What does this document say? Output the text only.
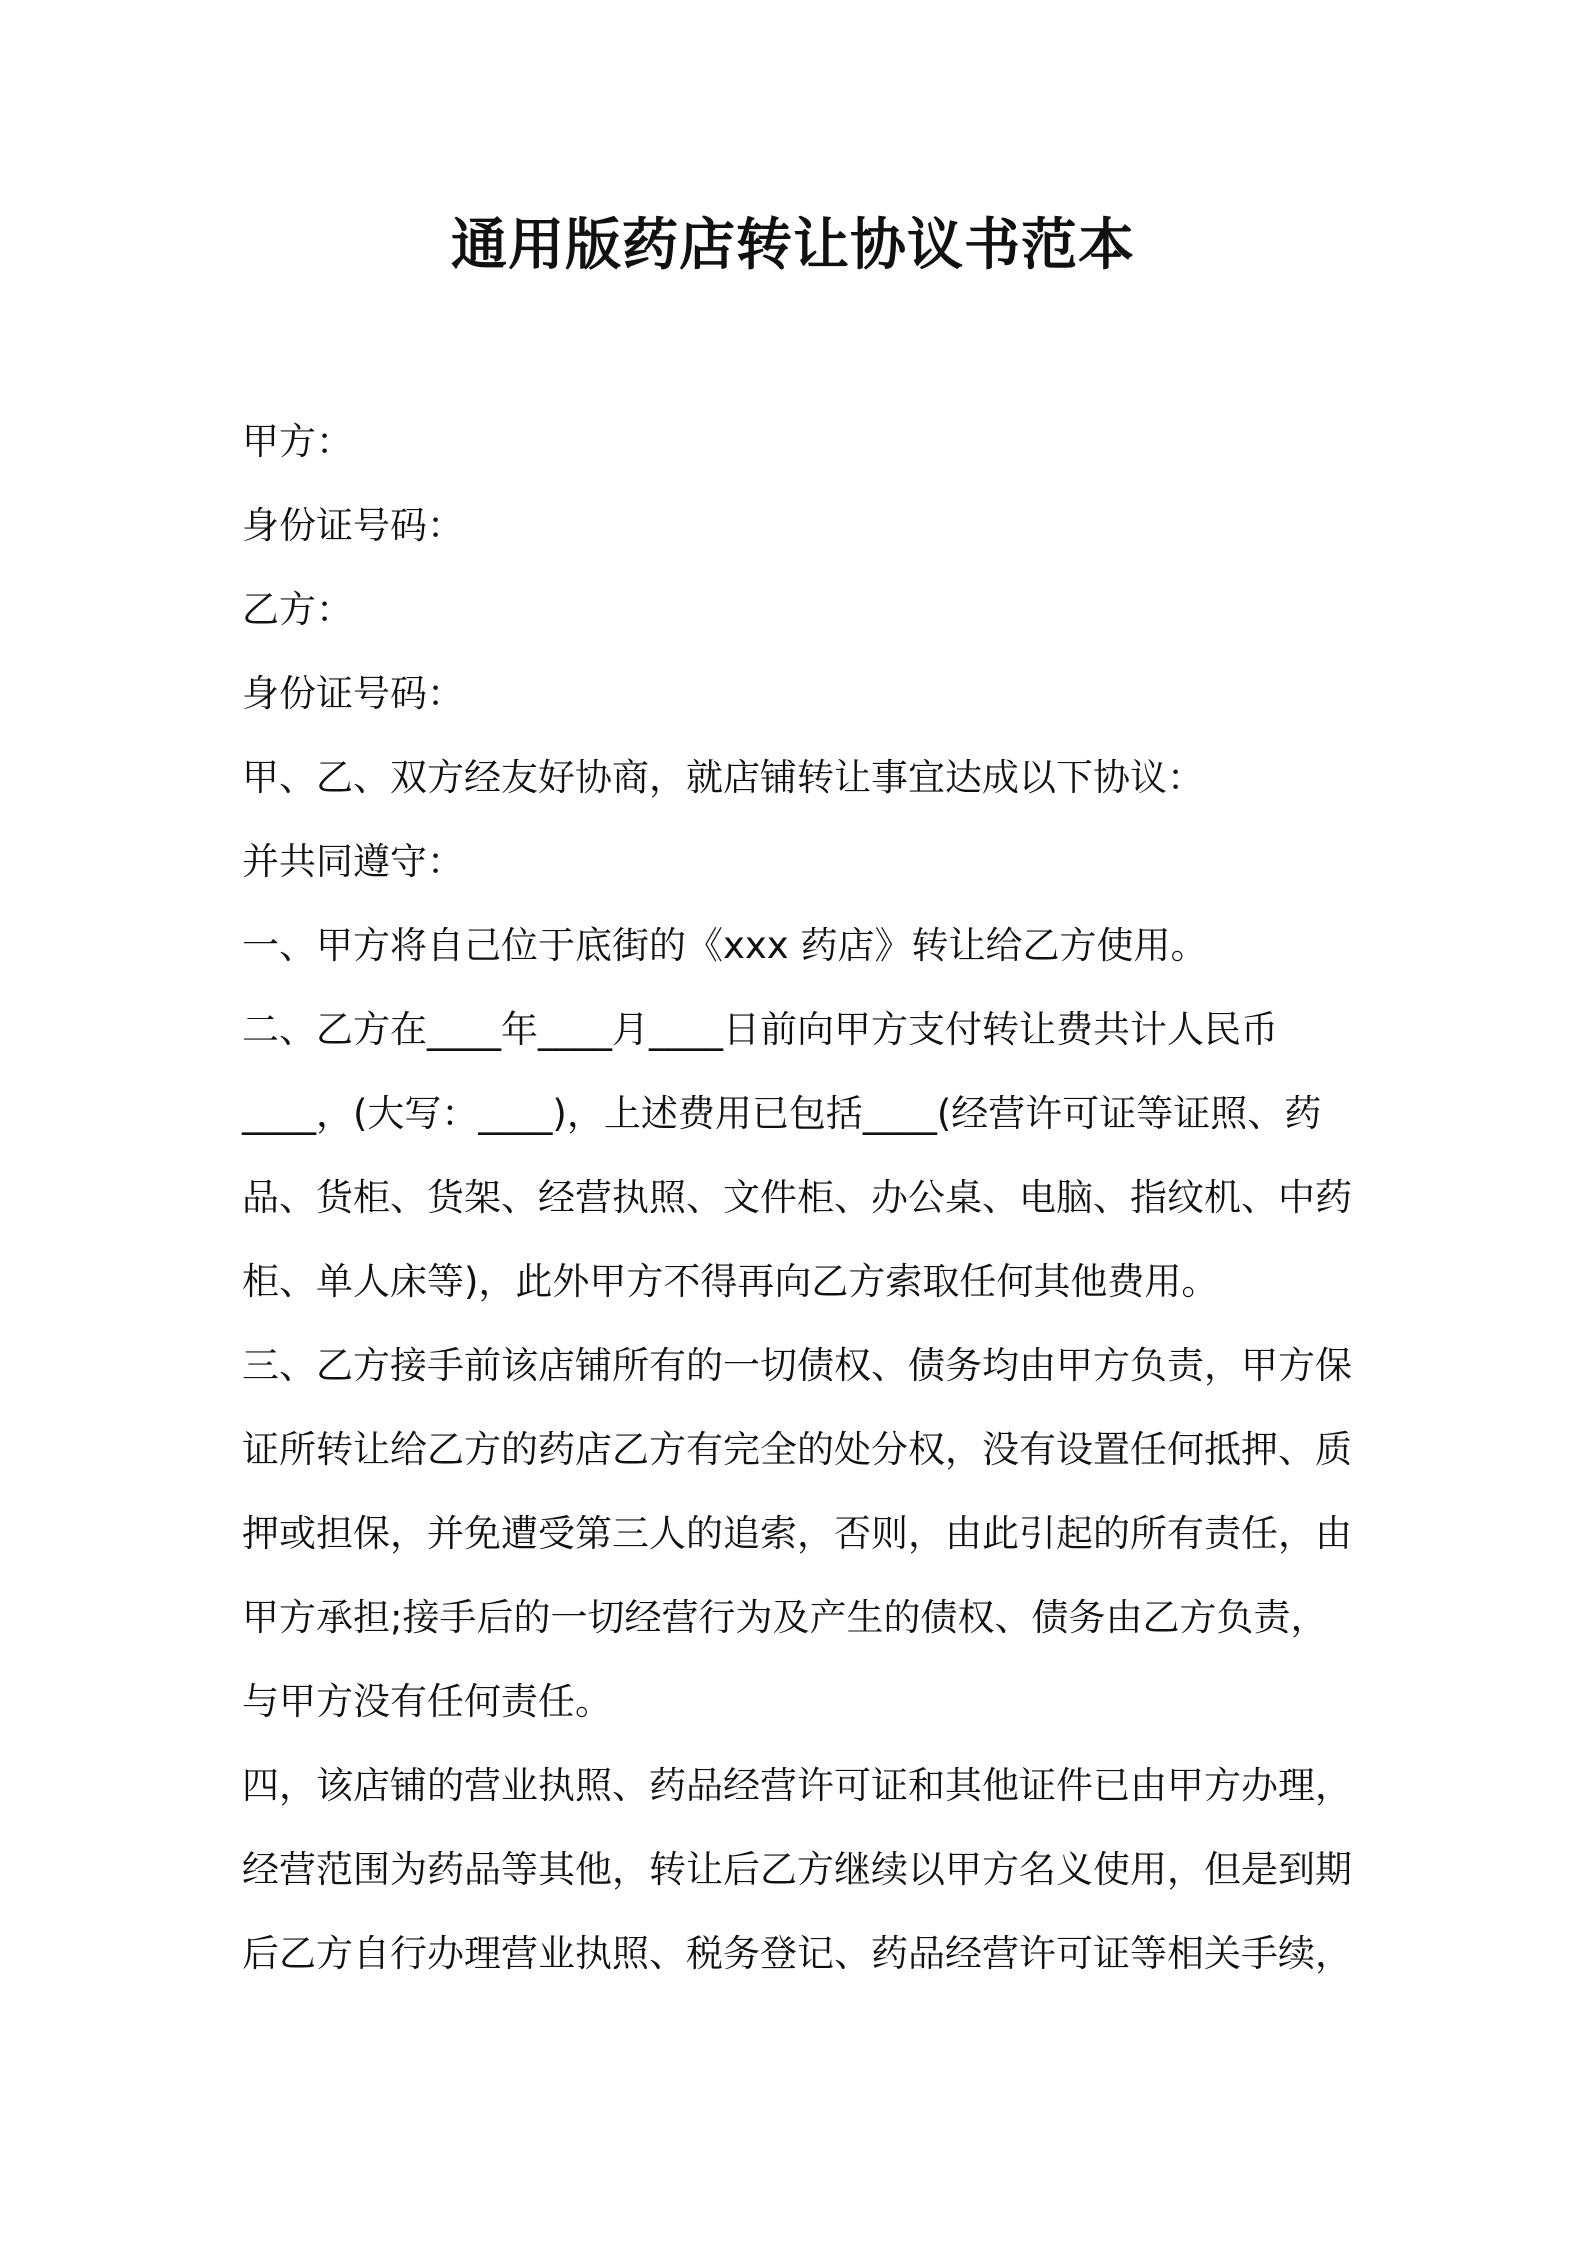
通用版药店转让协议书范本

甲方：

身份证号码：

乙方：

身份证号码：

甲、乙、双方经友好协商，就店铺转让事宜达成以下协议：

并共同遵守：

一、甲方将自己位于底街的《xxx 药店》转让给乙方使用。

二、乙方在____年____月____日前向甲方支付转让费共计人民币

____，(大写：____)，上述费用已包括____(经营许可证等证照、药

品、货柜、货架、经营执照、文件柜、办公桌、电脑、指纹机、中药

柜、单人床等)，此外甲方不得再向乙方索取任何其他费用。

三、乙方接手前该店铺所有的一切债权、债务均由甲方负责，甲方保

证所转让给乙方的药店乙方有完全的处分权，没有设置任何抵押、质

押或担保，并免遭受第三人的追索，否则，由此引起的所有责任，由

甲方承担;接手后的一切经营行为及产生的债权、债务由乙方负责，

与甲方没有任何责任。

四，该店铺的营业执照、药品经营许可证和其他证件已由甲方办理，

经营范围为药品等其他，转让后乙方继续以甲方名义使用，但是到期

后乙方自行办理营业执照、税务登记、药品经营许可证等相关手续，
